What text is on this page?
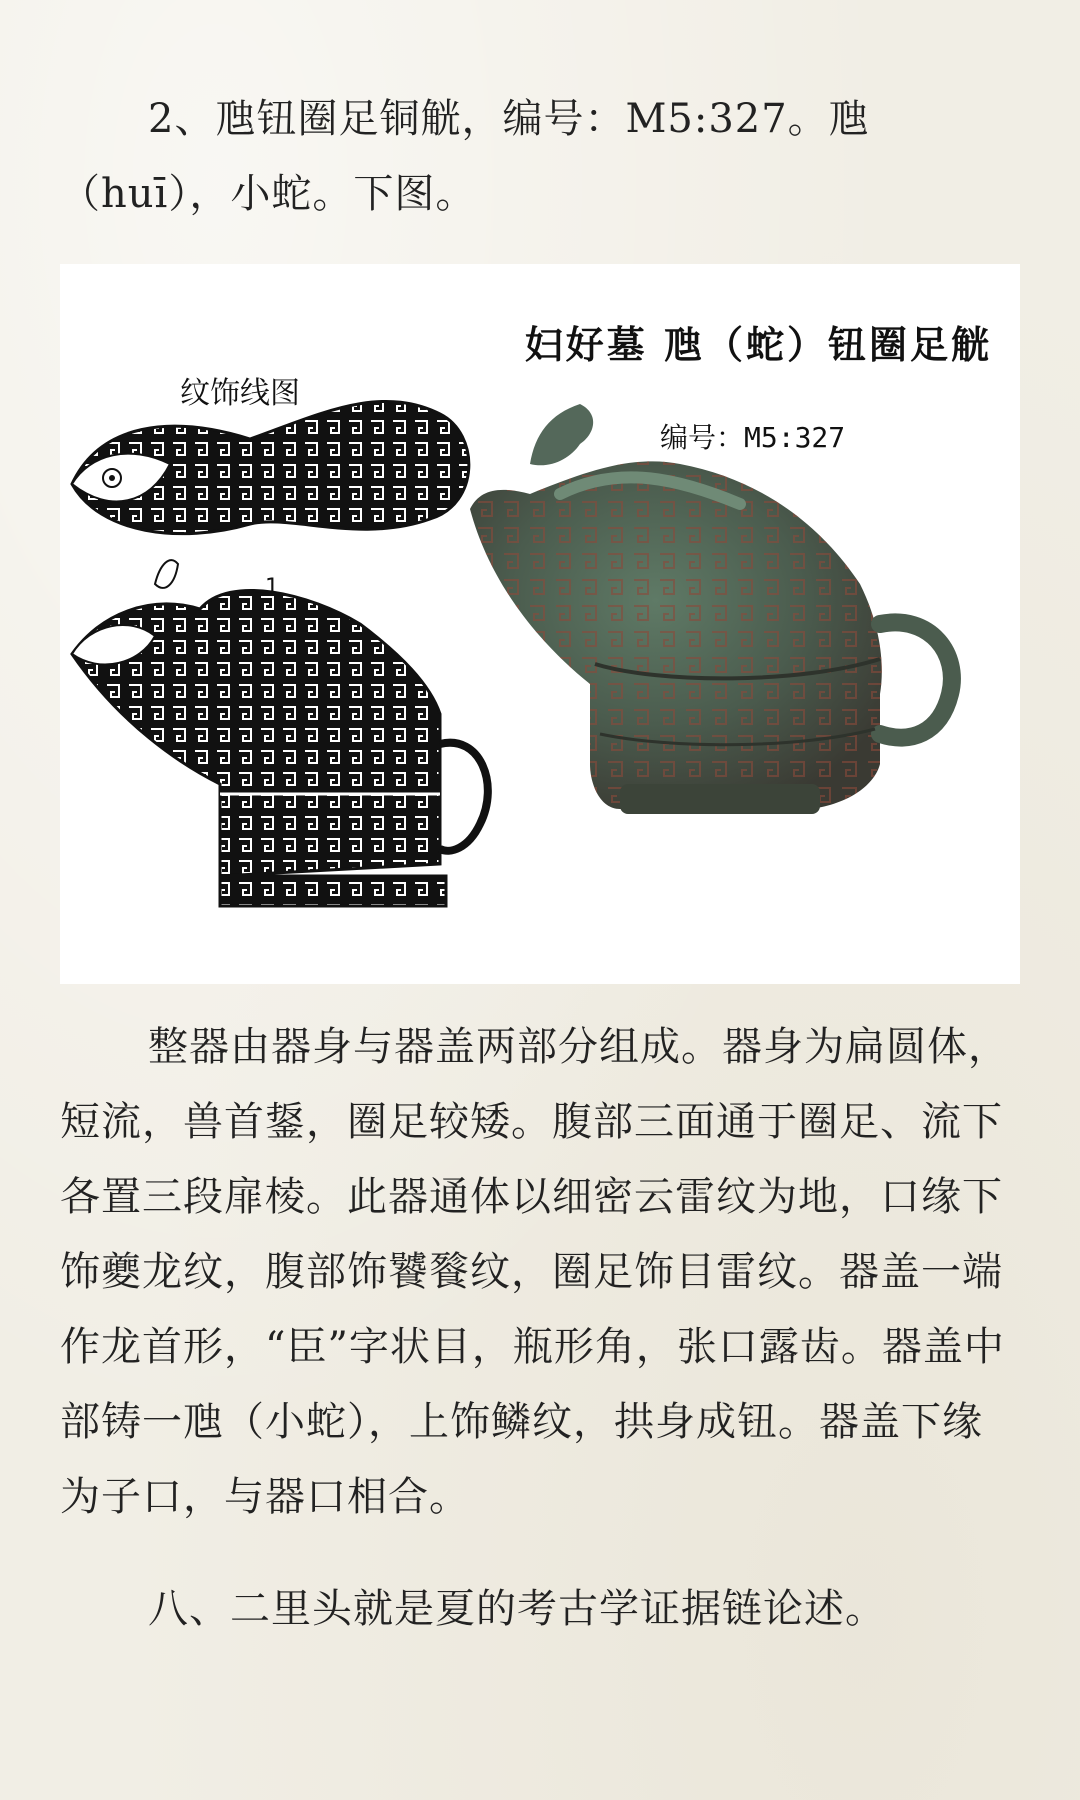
2、虺钮圈足铜觥，编号：M5:327。虺（huī），小蛇。下图。

1
妇好墓 虺（蛇）钮圈足觥
编号：M5:327
纹饰线图

整器由器身与器盖两部分组成。器身为扁圆体，短流，兽首鋬，圈足较矮。腹部三面通于圈足、流下各置三段扉棱。此器通体以细密云雷纹为地，口缘下饰夔龙纹，腹部饰饕餮纹，圈足饰目雷纹。器盖一端作龙首形，“臣”字状目，瓶形角，张口露齿。器盖中部铸一虺（小蛇），上饰鳞纹，拱身成钮。器盖下缘为子口，与器口相合。

八、二里头就是夏的考古学证据链论述。
